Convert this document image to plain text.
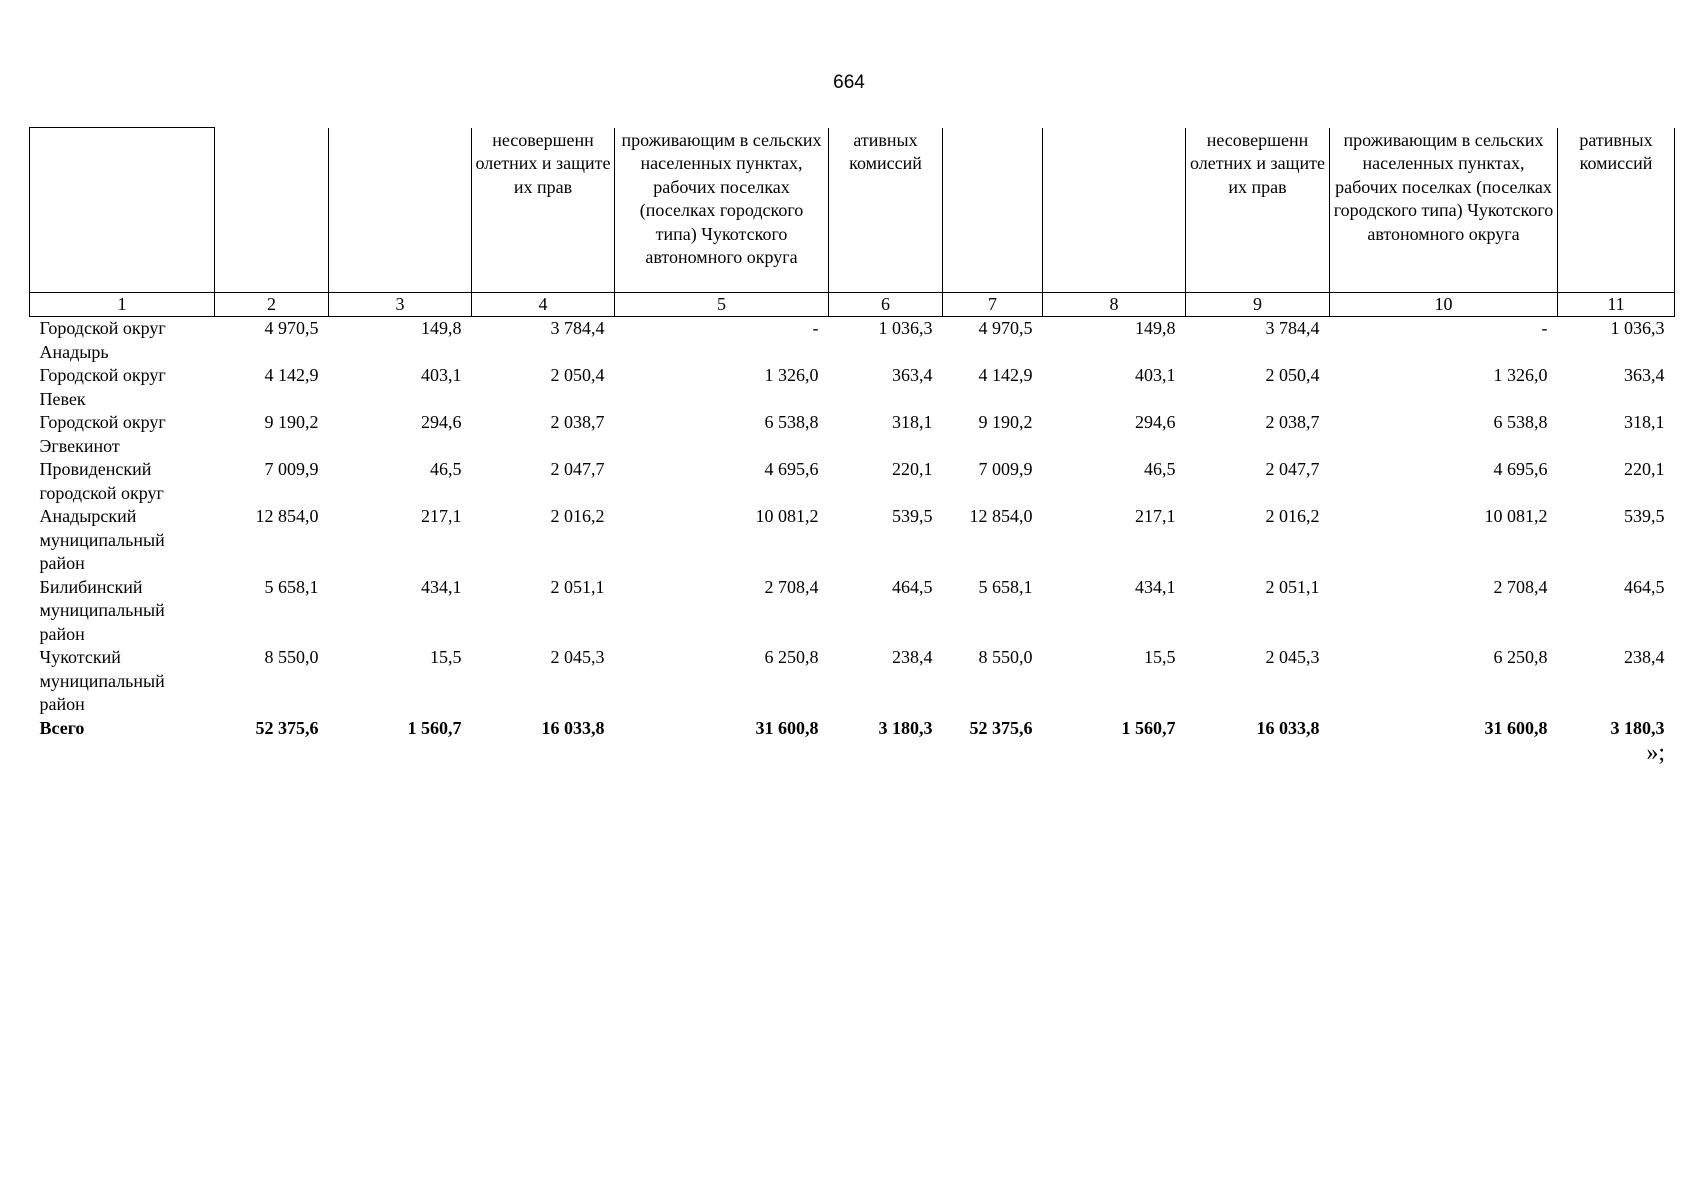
664
			несовершенн олетних и защите их прав	проживающим в сельских населенных пунктах, рабочих поселках (поселках городского типа) Чукотского автономного округа	ативных комиссий			несовершенн олетних и защите их прав	проживающим в сельских населенных пунктах, рабочих поселках (поселках городского типа) Чукотского автономного округа	ративных комиссий
1	2	3	4	5	6	7	8	9	10	11
Городской округ Анадырь	4 970,5	149,8	3 784,4	-	1 036,3	4 970,5	149,8	3 784,4	-	1 036,3
Городской округ Певек	4 142,9	403,1	2 050,4	1 326,0	363,4	4 142,9	403,1	2 050,4	1 326,0	363,4
Городской округ Эгвекинот	9 190,2	294,6	2 038,7	6 538,8	318,1	9 190,2	294,6	2 038,7	6 538,8	318,1
Провиденский городской округ	7 009,9	46,5	2 047,7	4 695,6	220,1	7 009,9	46,5	2 047,7	4 695,6	220,1
Анадырский муниципальный район	12 854,0	217,1	2 016,2	10 081,2	539,5	12 854,0	217,1	2 016,2	10 081,2	539,5
Билибинский муниципальный район	5 658,1	434,1	2 051,1	2 708,4	464,5	5 658,1	434,1	2 051,1	2 708,4	464,5
Чукотский муниципальный район	8 550,0	15,5	2 045,3	6 250,8	238,4	8 550,0	15,5	2 045,3	6 250,8	238,4
Всего	52 375,6	1 560,7	16 033,8	31 600,8	3 180,3	52 375,6	1 560,7	16 033,8	31 600,8	3 180,3
»;
